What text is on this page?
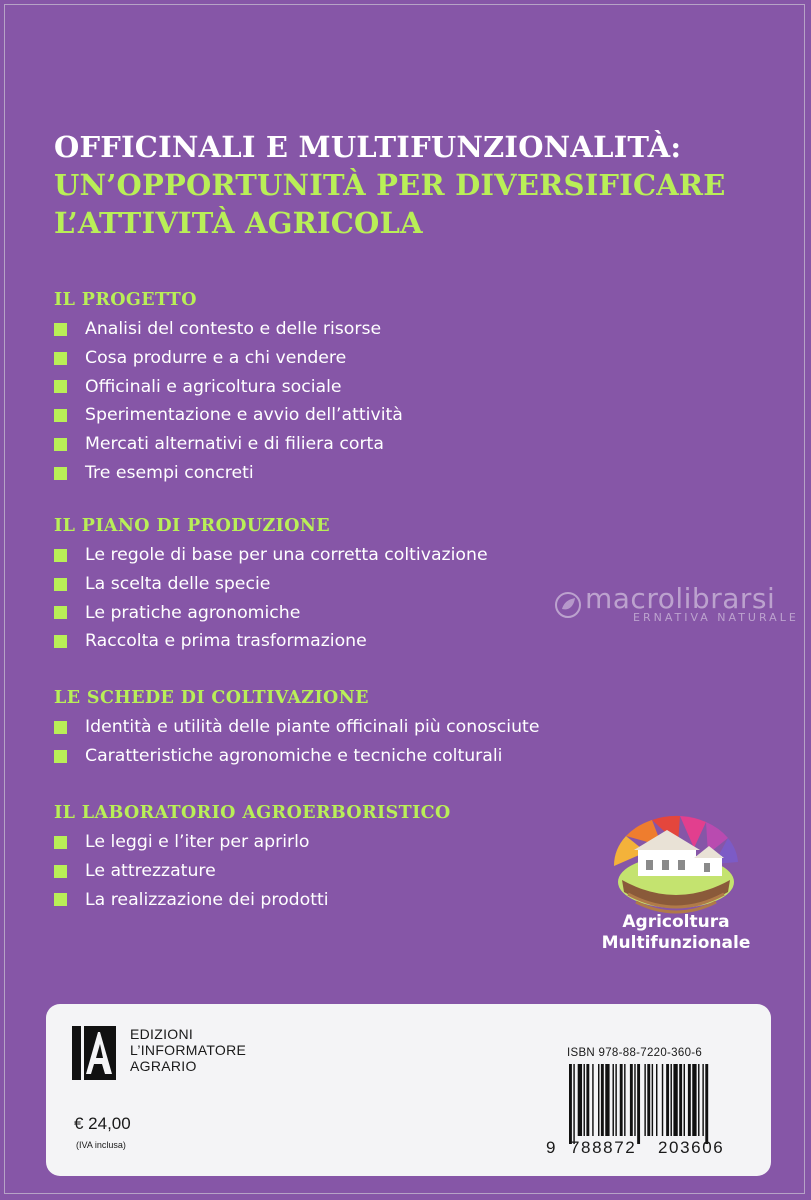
OFFICINALI E MULTIFUNZIONALITÀ:
UN’OPPORTUNITÀ PER DIVERSIFICARE
L’ATTIVITÀ AGRICOLA
IL PROGETTO
Analisi del contesto e delle risorse
Cosa produrre e a chi vendere
Officinali e agricoltura sociale
Sperimentazione e avvio dell’attività
Mercati alternativi e di filiera corta
Tre esempi concreti
IL PIANO DI PRODUZIONE
Le regole di base per una corretta coltivazione
La scelta delle specie
Le pratiche agronomiche
Raccolta e prima trasformazione
LE SCHEDE DI COLTIVAZIONE
Identità e utilità delle piante officinali più conosciute
Caratteristiche agronomiche e tecniche colturali
IL LABORATORIO AGROERBORISTICO
Le leggi e l’iter per aprirlo
Le attrezzature
La realizzazione dei prodotti
macrolibrarsi
ERNATIVA NATURALE
Agricoltura
Multifunzionale
EDIZIONI
L’INFORMATORE
AGRARIO
€ 24,00
(IVA inclusa)
ISBN 978-88-7220-360-6
9 788872 203606
